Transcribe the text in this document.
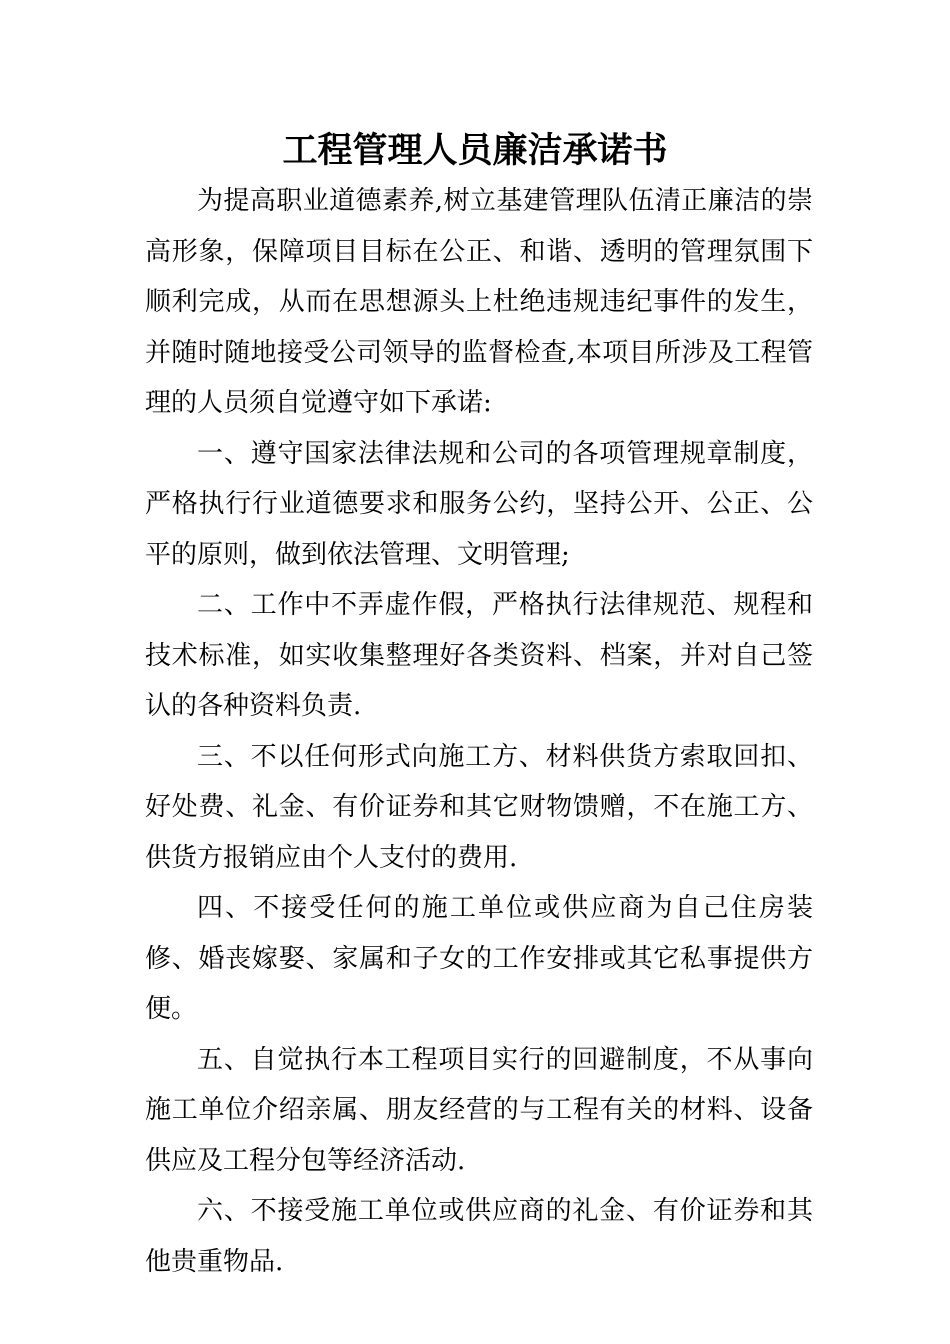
工程管理人员廉洁承诺书

为提高职业道德素养,树立基建管理队伍清正廉洁的崇高形象，保障项目目标在公正、和谐、透明的管理氛围下顺利完成，从而在思想源头上杜绝违规违纪事件的发生，并随时随地接受公司领导的监督检查,本项目所涉及工程管理的人员须自觉遵守如下承诺:

一、遵守国家法律法规和公司的各项管理规章制度，严格执行行业道德要求和服务公约，坚持公开、公正、公平的原则，做到依法管理、文明管理;

二、工作中不弄虚作假，严格执行法律规范、规程和技术标准，如实收集整理好各类资料、档案，并对自己签认的各种资料负责.

三、不以任何形式向施工方、材料供货方索取回扣、好处费、礼金、有价证券和其它财物馈赠，不在施工方、供货方报销应由个人支付的费用.

四、不接受任何的施工单位或供应商为自己住房装修、婚丧嫁娶、家属和子女的工作安排或其它私事提供方便。

五、自觉执行本工程项目实行的回避制度，不从事向施工单位介绍亲属、朋友经营的与工程有关的材料、设备供应及工程分包等经济活动.

六、不接受施工单位或供应商的礼金、有价证券和其他贵重物品.
